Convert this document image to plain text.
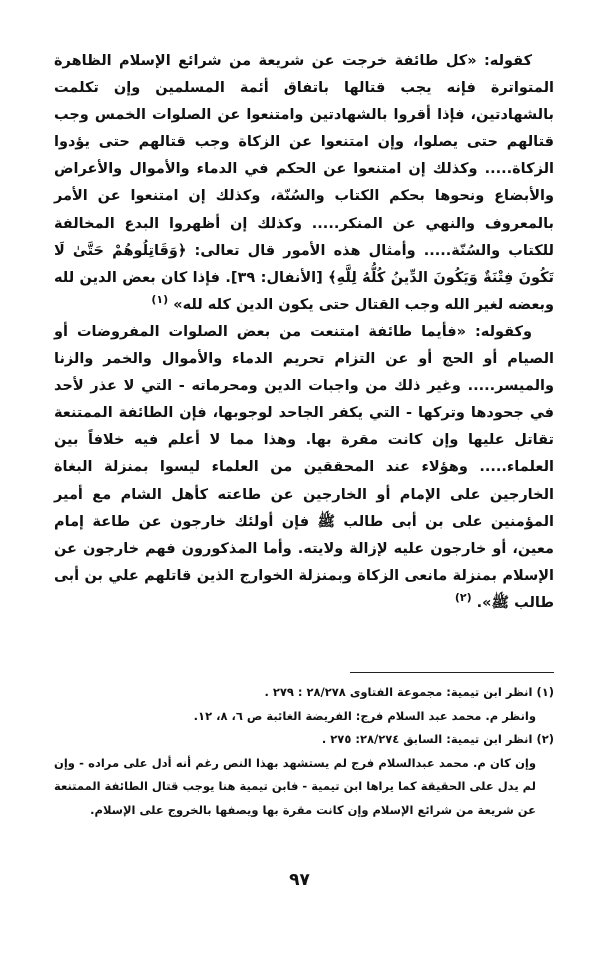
كقوله: «كل طائفة خرجت عن شريعة من شرائع الإسلام الظاهرة المتواترة فإنه يجب قتالها باتفاق أئمة المسلمين وإن تكلمت بالشهادتين، فإذا أقروا بالشهادتين وامتنعوا عن الصلوات الخمس وجب قتالهم حتى يصلوا، وإن امتنعوا عن الزكاة وجب قتالهم حتى يؤدوا الزكاة..... وكذلك إن امتنعوا عن الحكم في الدماء والأموال والأعراض والأبضاع ونحوها بحكم الكتاب والسُنّة، وكذلك إن امتنعوا عن الأمر بالمعروف والنهي عن المنكر..... وكذلك إن أظهروا البدع المخالفة للكتاب والسُنّة..... وأمثال هذه الأمور قال تعالى: ﴿وَقَاتِلُوهُمْ حَتَّىٰ لَا تَكُونَ فِتْنَةٌ وَيَكُونَ الدِّينُ كُلُّهُ لِلَّهِ﴾ [الأنفال: ٣٩]. فإذا كان بعض الدين لله وبعضه لغير الله وجب القتال حتى يكون الدين كله لله» $^{(١)}$

وكقوله: «فأيما طائفة امتنعت من بعض الصلوات المفروضات أو الصيام أو الحج أو عن التزام تحريم الدماء والأموال والخمر والزنا والميسر..... وغير ذلك من واجبات الدين ومحرماته - التي لا عذر لأحد في جحودها وتركها - التي يكفر الجاحد لوجوبها، فإن الطائفة الممتنعة تقاتل عليها وإن كانت مقرة بها. وهذا مما لا أعلم فيه خلافاً بين العلماء..... وهؤلاء عند المحققين من العلماء ليسوا بمنزلة البغاة الخارجين على الإمام أو الخارجين عن طاعته كأهل الشام مع أمير المؤمنين على بن أبى طالب ﷺ فإن أولئك خارجون عن طاعة إمام معين، أو خارجون عليه لإزالة ولايته. وأما المذكورون فهم خارجون عن الإسلام بمنزلة مانعى الزكاة وبمنزلة الخوارج الذين قاتلهم علي بن أبى طالب ﷺ». $^{(٢)}$

(١) انظر ابن تيمية: مجموعة الفتاوى ٢٨/٢٧٨ : ٢٧٩ .

وانظر م. محمد عبد السلام فرج: الفريضة الغائبة ص ٦، ٨، ١٢.

(٢) انظر ابن تيمية: السابق ٢٨/٢٧٤: ٢٧٥ .

وإن كان م. محمد عبدالسلام فرج لم يستشهد بهذا النص رغم أنه أدل على مراده - وإن لم يدل على الحقيقة كما يراها ابن تيمية - فابن تيمية هنا يوجب قتال الطائفة الممتنعة عن شريعة من شرائع الإسلام وإن كانت مقرة بها ويصفها بالخروج على الإسلام.

٩٧
